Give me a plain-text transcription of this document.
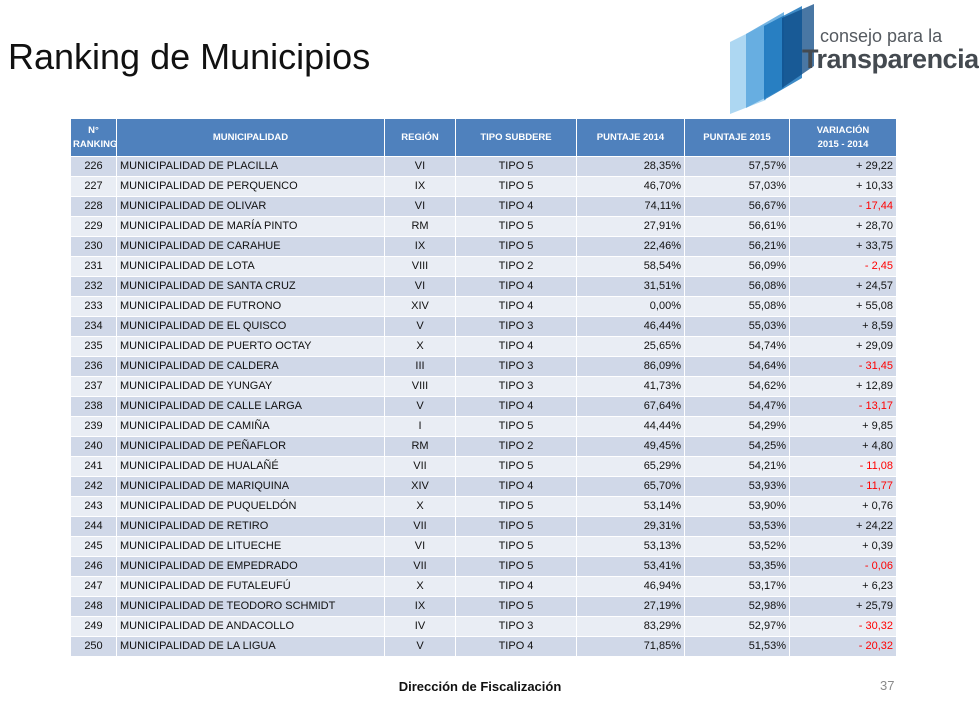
Ranking de Municipios	consejo para la
Transparencia
N°
RANKING	MUNICIPALIDAD	REGIÓN	TIPO SUBDERE	PUNTAJE 2014	PUNTAJE 2015	VARIACIÓN
2015 - 2014
226	MUNICIPALIDAD DE PLACILLA	VI	TIPO 5	28,35%	57,57%	+ 29,22
227	MUNICIPALIDAD DE PERQUENCO	IX	TIPO 5	46,70%	57,03%	+ 10,33
228	MUNICIPALIDAD DE OLIVAR	VI	TIPO 4	74,11%	56,67%	- 17,44
229	MUNICIPALIDAD DE MARÍA PINTO	RM	TIPO 5	27,91%	56,61%	+ 28,70
230	MUNICIPALIDAD DE CARAHUE	IX	TIPO 5	22,46%	56,21%	+ 33,75
231	MUNICIPALIDAD DE LOTA	VIII	TIPO 2	58,54%	56,09%	- 2,45
232	MUNICIPALIDAD DE SANTA CRUZ	VI	TIPO 4	31,51%	56,08%	+ 24,57
233	MUNICIPALIDAD DE FUTRONO	XIV	TIPO 4	0,00%	55,08%	+ 55,08
234	MUNICIPALIDAD DE EL QUISCO	V	TIPO 3	46,44%	55,03%	+ 8,59
235	MUNICIPALIDAD DE PUERTO OCTAY	X	TIPO 4	25,65%	54,74%	+ 29,09
236	MUNICIPALIDAD DE CALDERA	III	TIPO 3	86,09%	54,64%	- 31,45
237	MUNICIPALIDAD DE YUNGAY	VIII	TIPO 3	41,73%	54,62%	+ 12,89
238	MUNICIPALIDAD DE CALLE LARGA	V	TIPO 4	67,64%	54,47%	- 13,17
239	MUNICIPALIDAD DE CAMIÑA	I	TIPO 5	44,44%	54,29%	+ 9,85
240	MUNICIPALIDAD DE PEÑAFLOR	RM	TIPO 2	49,45%	54,25%	+ 4,80
241	MUNICIPALIDAD DE HUALAÑÉ	VII	TIPO 5	65,29%	54,21%	- 11,08
242	MUNICIPALIDAD DE MARIQUINA	XIV	TIPO 4	65,70%	53,93%	- 11,77
243	MUNICIPALIDAD DE PUQUELDÓN	X	TIPO 5	53,14%	53,90%	+ 0,76
244	MUNICIPALIDAD DE RETIRO	VII	TIPO 5	29,31%	53,53%	+ 24,22
245	MUNICIPALIDAD DE LITUECHE	VI	TIPO 5	53,13%	53,52%	+ 0,39
246	MUNICIPALIDAD DE EMPEDRADO	VII	TIPO 5	53,41%	53,35%	- 0,06
247	MUNICIPALIDAD DE FUTALEUFÚ	X	TIPO 4	46,94%	53,17%	+ 6,23
248	MUNICIPALIDAD DE TEODORO SCHMIDT	IX	TIPO 5	27,19%	52,98%	+ 25,79
249	MUNICIPALIDAD DE ANDACOLLO	IV	TIPO 3	83,29%	52,97%	- 30,32
250	MUNICIPALIDAD DE LA LIGUA	V	TIPO 4	71,85%	51,53%	- 20,32
Dirección de Fiscalización	37
